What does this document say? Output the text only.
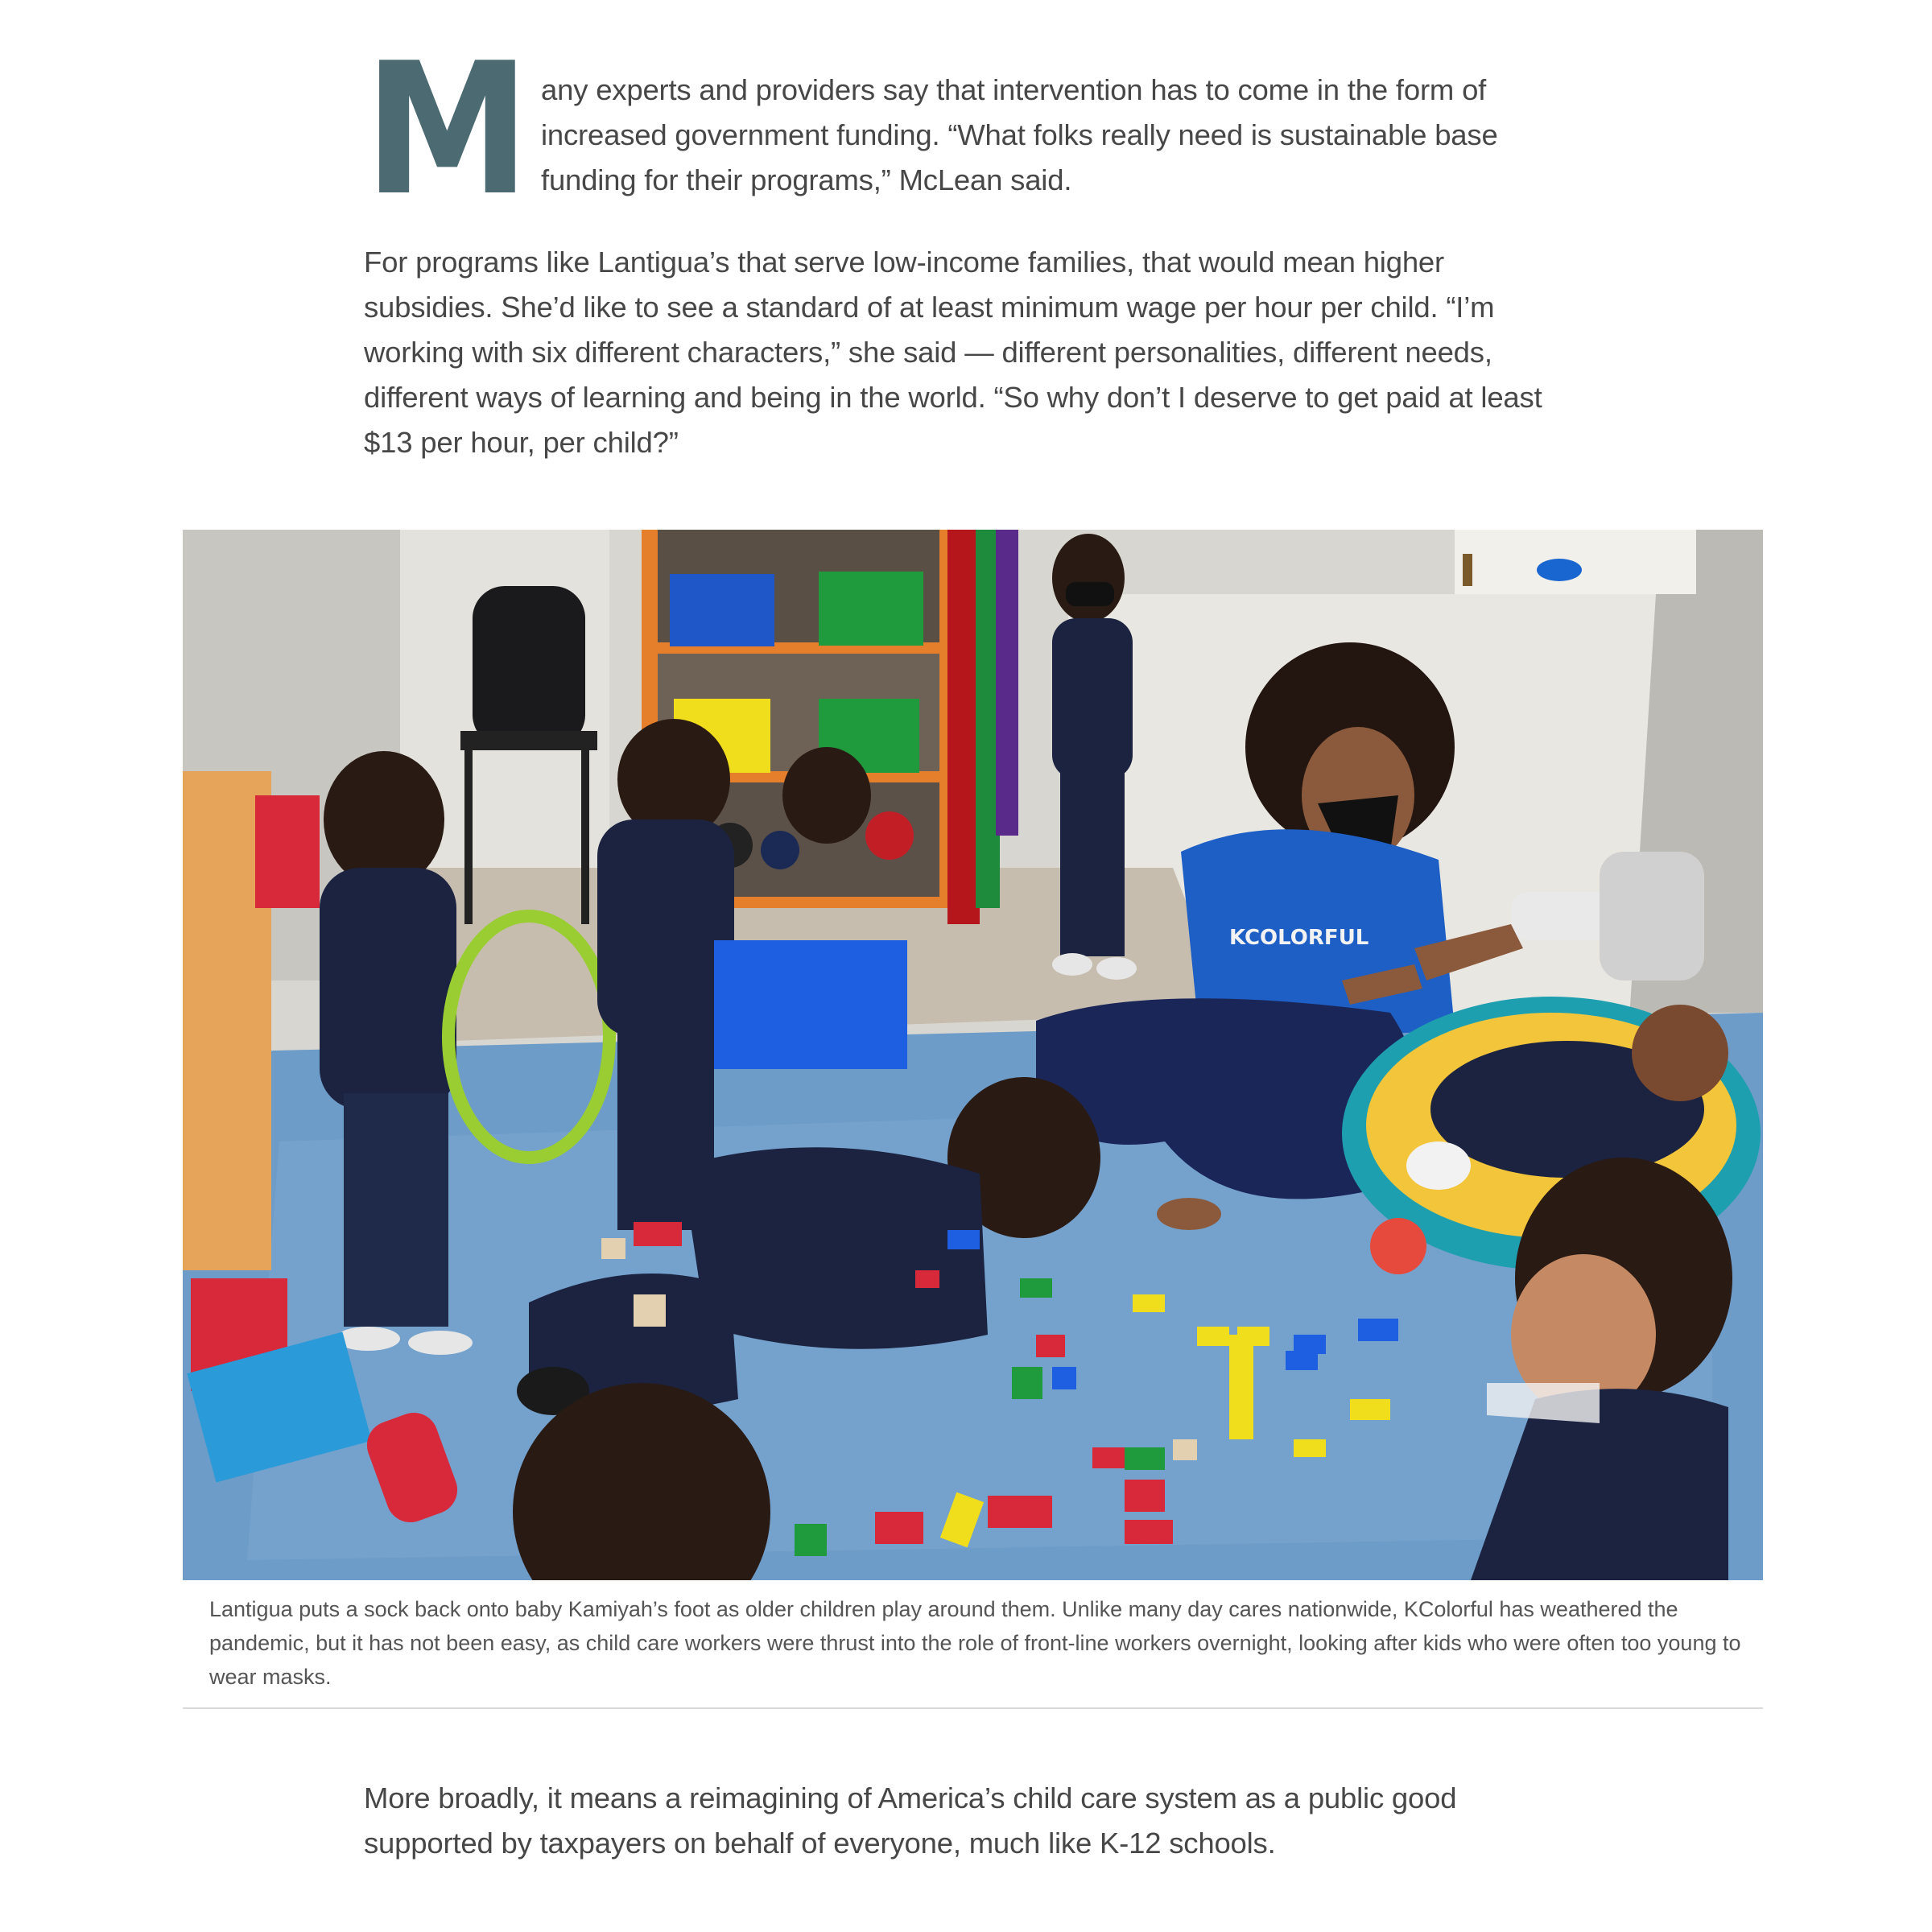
M any experts and providers say that intervention has to come in the form of increased government funding. “What folks really need is sustainable base funding for their programs,” McLean said.

For programs like Lantigua’s that serve low-income families, that would mean higher subsidies. She’d like to see a standard of at least minimum wage per hour per child. “I’m working with six different characters,” she said — different personalities, different needs, different ways of learning and being in the world. “So why don’t I deserve to get paid at least $13 per hour, per child?”

KCOLORFUL

Lantigua puts a sock back onto baby Kamiyah’s foot as older children play around them. Unlike many day cares nationwide, KColorful has weathered the pandemic, but it has not been easy, as child care workers were thrust into the role of front-line workers overnight, looking after kids who were often too young to wear masks.

More broadly, it means a reimagining of America’s child care system as a public good supported by taxpayers on behalf of everyone, much like K-12 schools.
